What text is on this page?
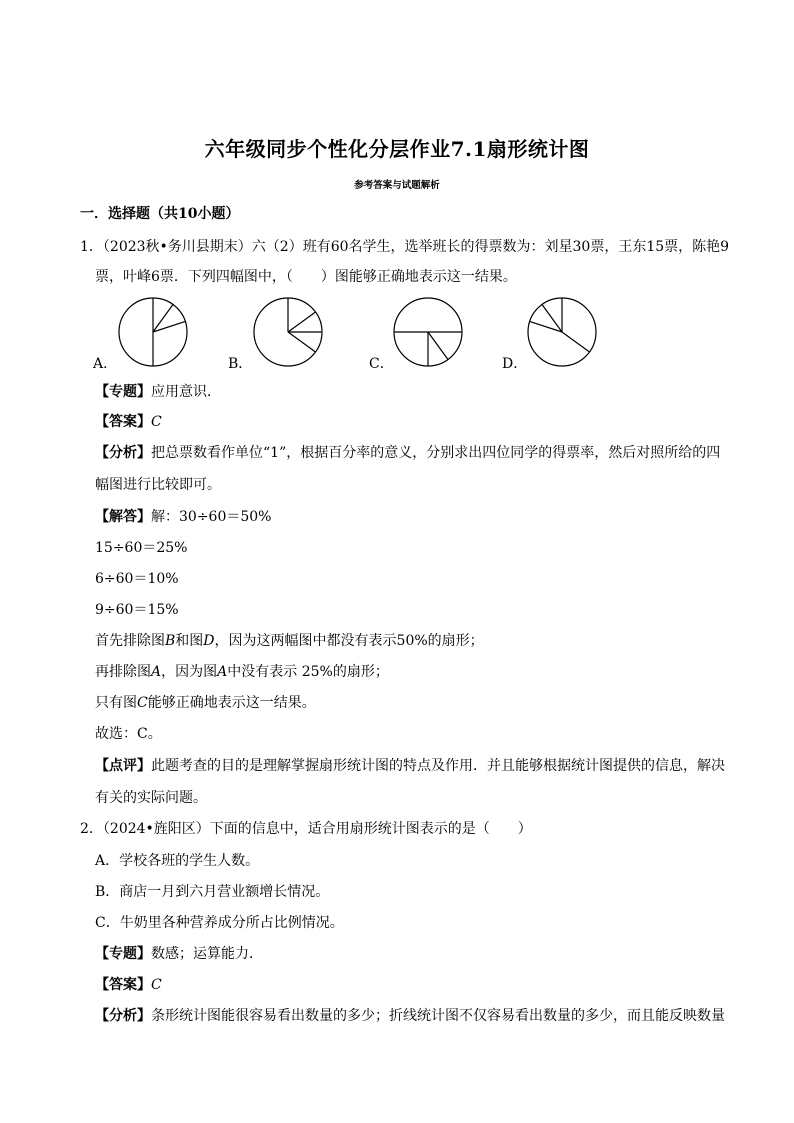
六年级同步个性化分层作业7.1扇形统计图
参考答案与试题解析
一．选择题（共10小题）
1．（2023秋•务川县期末）六（2）班有60名学生，选举班长的得票数为：刘星30票，王东15票，陈艳9
票，叶峰6票．下列四幅图中，（　　）图能够正确地表示这一结果。
A．	B．	C．	D．
【专题】应用意识．
【答案】C
【分析】把总票数看作单位“1”，根据百分率的意义，分别求出四位同学的得票率，然后对照所给的四
幅图进行比较即可。
【解答】解：30÷60＝50%
15÷60＝25%
6÷60＝10%
9÷60＝15%
首先排除图B和图D，因为这两幅图中都没有表示50%的扇形；
再排除图A，因为图A中没有表示 25%的扇形；
只有图C能够正确地表示这一结果。
故选：C。
【点评】此题考查的目的是理解掌握扇形统计图的特点及作用．并且能够根据统计图提供的信息，解决
有关的实际问题。
2．（2024•旌阳区）下面的信息中，适合用扇形统计图表示的是（　　）
A．学校各班的学生人数。
B．商店一月到六月营业额增长情况。
C．牛奶里各种营养成分所占比例情况。
【专题】数感；运算能力．
【答案】C
【分析】条形统计图能很容易看出数量的多少；折线统计图不仅容易看出数量的多少，而且能反映数量
